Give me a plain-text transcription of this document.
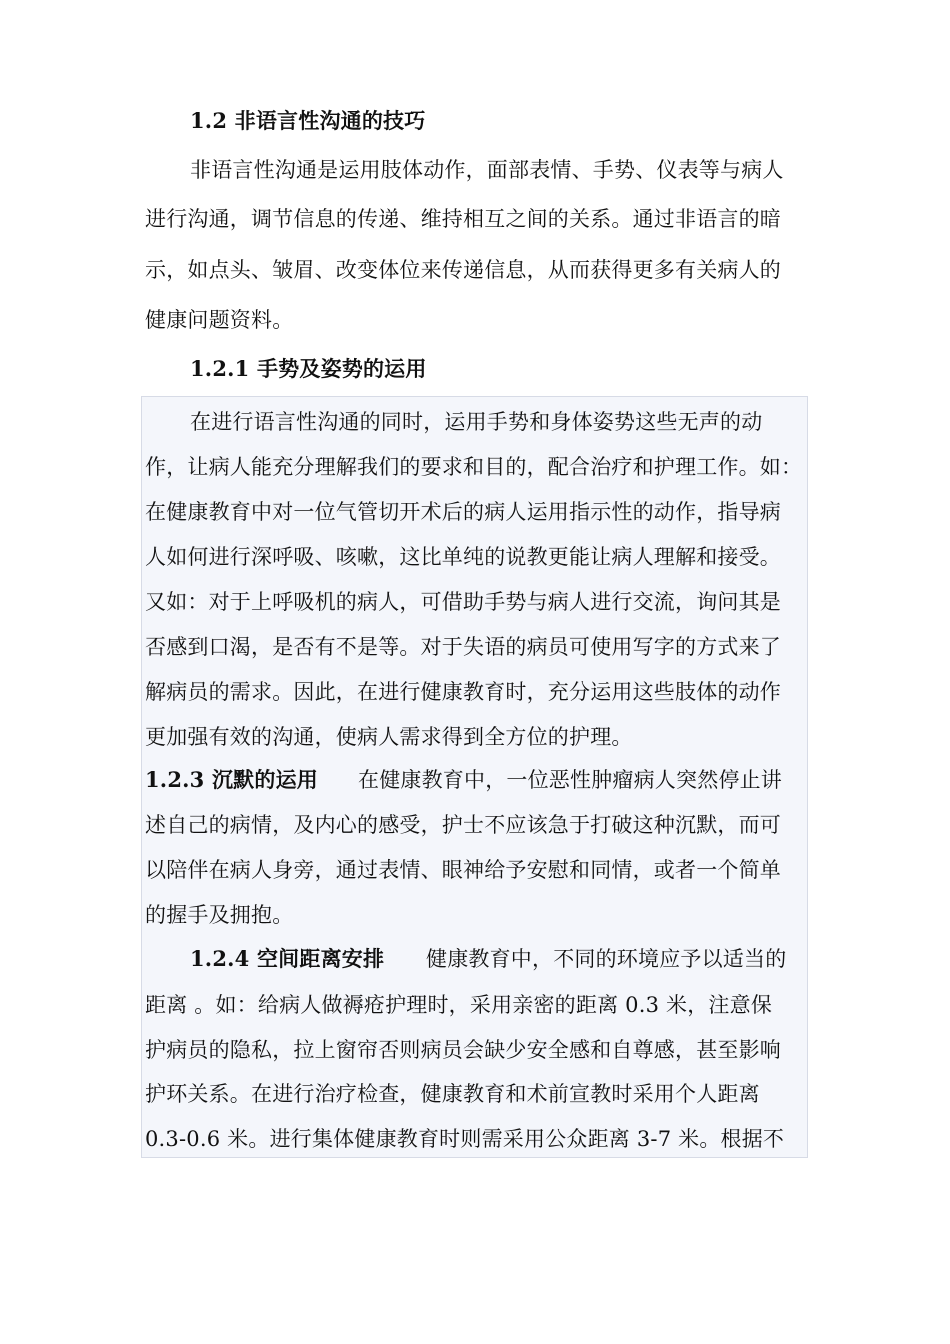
1.2 非语言性沟通的技巧
非语言性沟通是运用肢体动作，面部表情、手势、仪表等与病人
进行沟通，调节信息的传递、维持相互之间的关系。通过非语言的暗
示，如点头、皱眉、改变体位来传递信息，从而获得更多有关病人的
健康问题资料。
1.2.1 手势及姿势的运用
在进行语言性沟通的同时，运用手势和身体姿势这些无声的动
作，让病人能充分理解我们的要求和目的，配合治疗和护理工作。如：
在健康教育中对一位气管切开术后的病人运用指示性的动作，指导病
人如何进行深呼吸、咳嗽，这比单纯的说教更能让病人理解和接受。
又如：对于上呼吸机的病人，可借助手势与病人进行交流，询问其是
否感到口渴，是否有不是等。对于失语的病员可使用写字的方式来了
解病员的需求。因此，在进行健康教育时，充分运用这些肢体的动作
更加强有效的沟通，使病人需求得到全方位的护理。
1.2.3 沉默的运用 在健康教育中，一位恶性肿瘤病人突然停止讲
述自己的病情，及内心的感受，护士不应该急于打破这种沉默，而可
以陪伴在病人身旁，通过表情、眼神给予安慰和同情，或者一个简单
的握手及拥抱。
1.2.4 空间距离安排 健康教育中，不同的环境应予以适当的
距离 。如：给病人做褥疮护理时，采用亲密的距离 0.3 米，注意保
护病员的隐私，拉上窗帘否则病员会缺少安全感和自尊感，甚至影响
护环关系。在进行治疗检查，健康教育和术前宣教时采用个人距离
0.3-0.6 米。进行集体健康教育时则需采用公众距离 3-7 米。根据不
